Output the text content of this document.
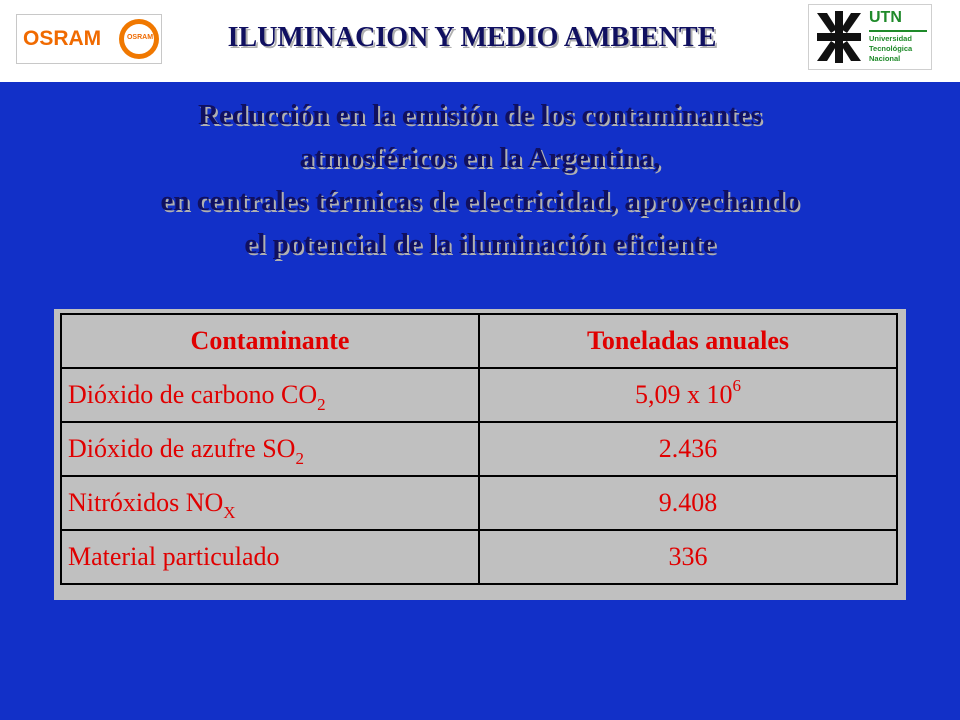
OSRAM	OSRAM	ILUMINACION Y MEDIO AMBIENTE
UTN
Universidad
Tecnológica
Nacional
Reducción en la emisión de los contaminantes
atmosféricos en la Argentina,
en centrales térmicas de electricidad, aprovechando
el potencial de la iluminación eficiente
Contaminante	Toneladas anuales
Dióxido de carbono $CO_2$	5,09 x $10^6$
Dióxido de azufre $SO_2$	2.436
Nitróxidos $NO_X$	9.408
Material particulado	336
